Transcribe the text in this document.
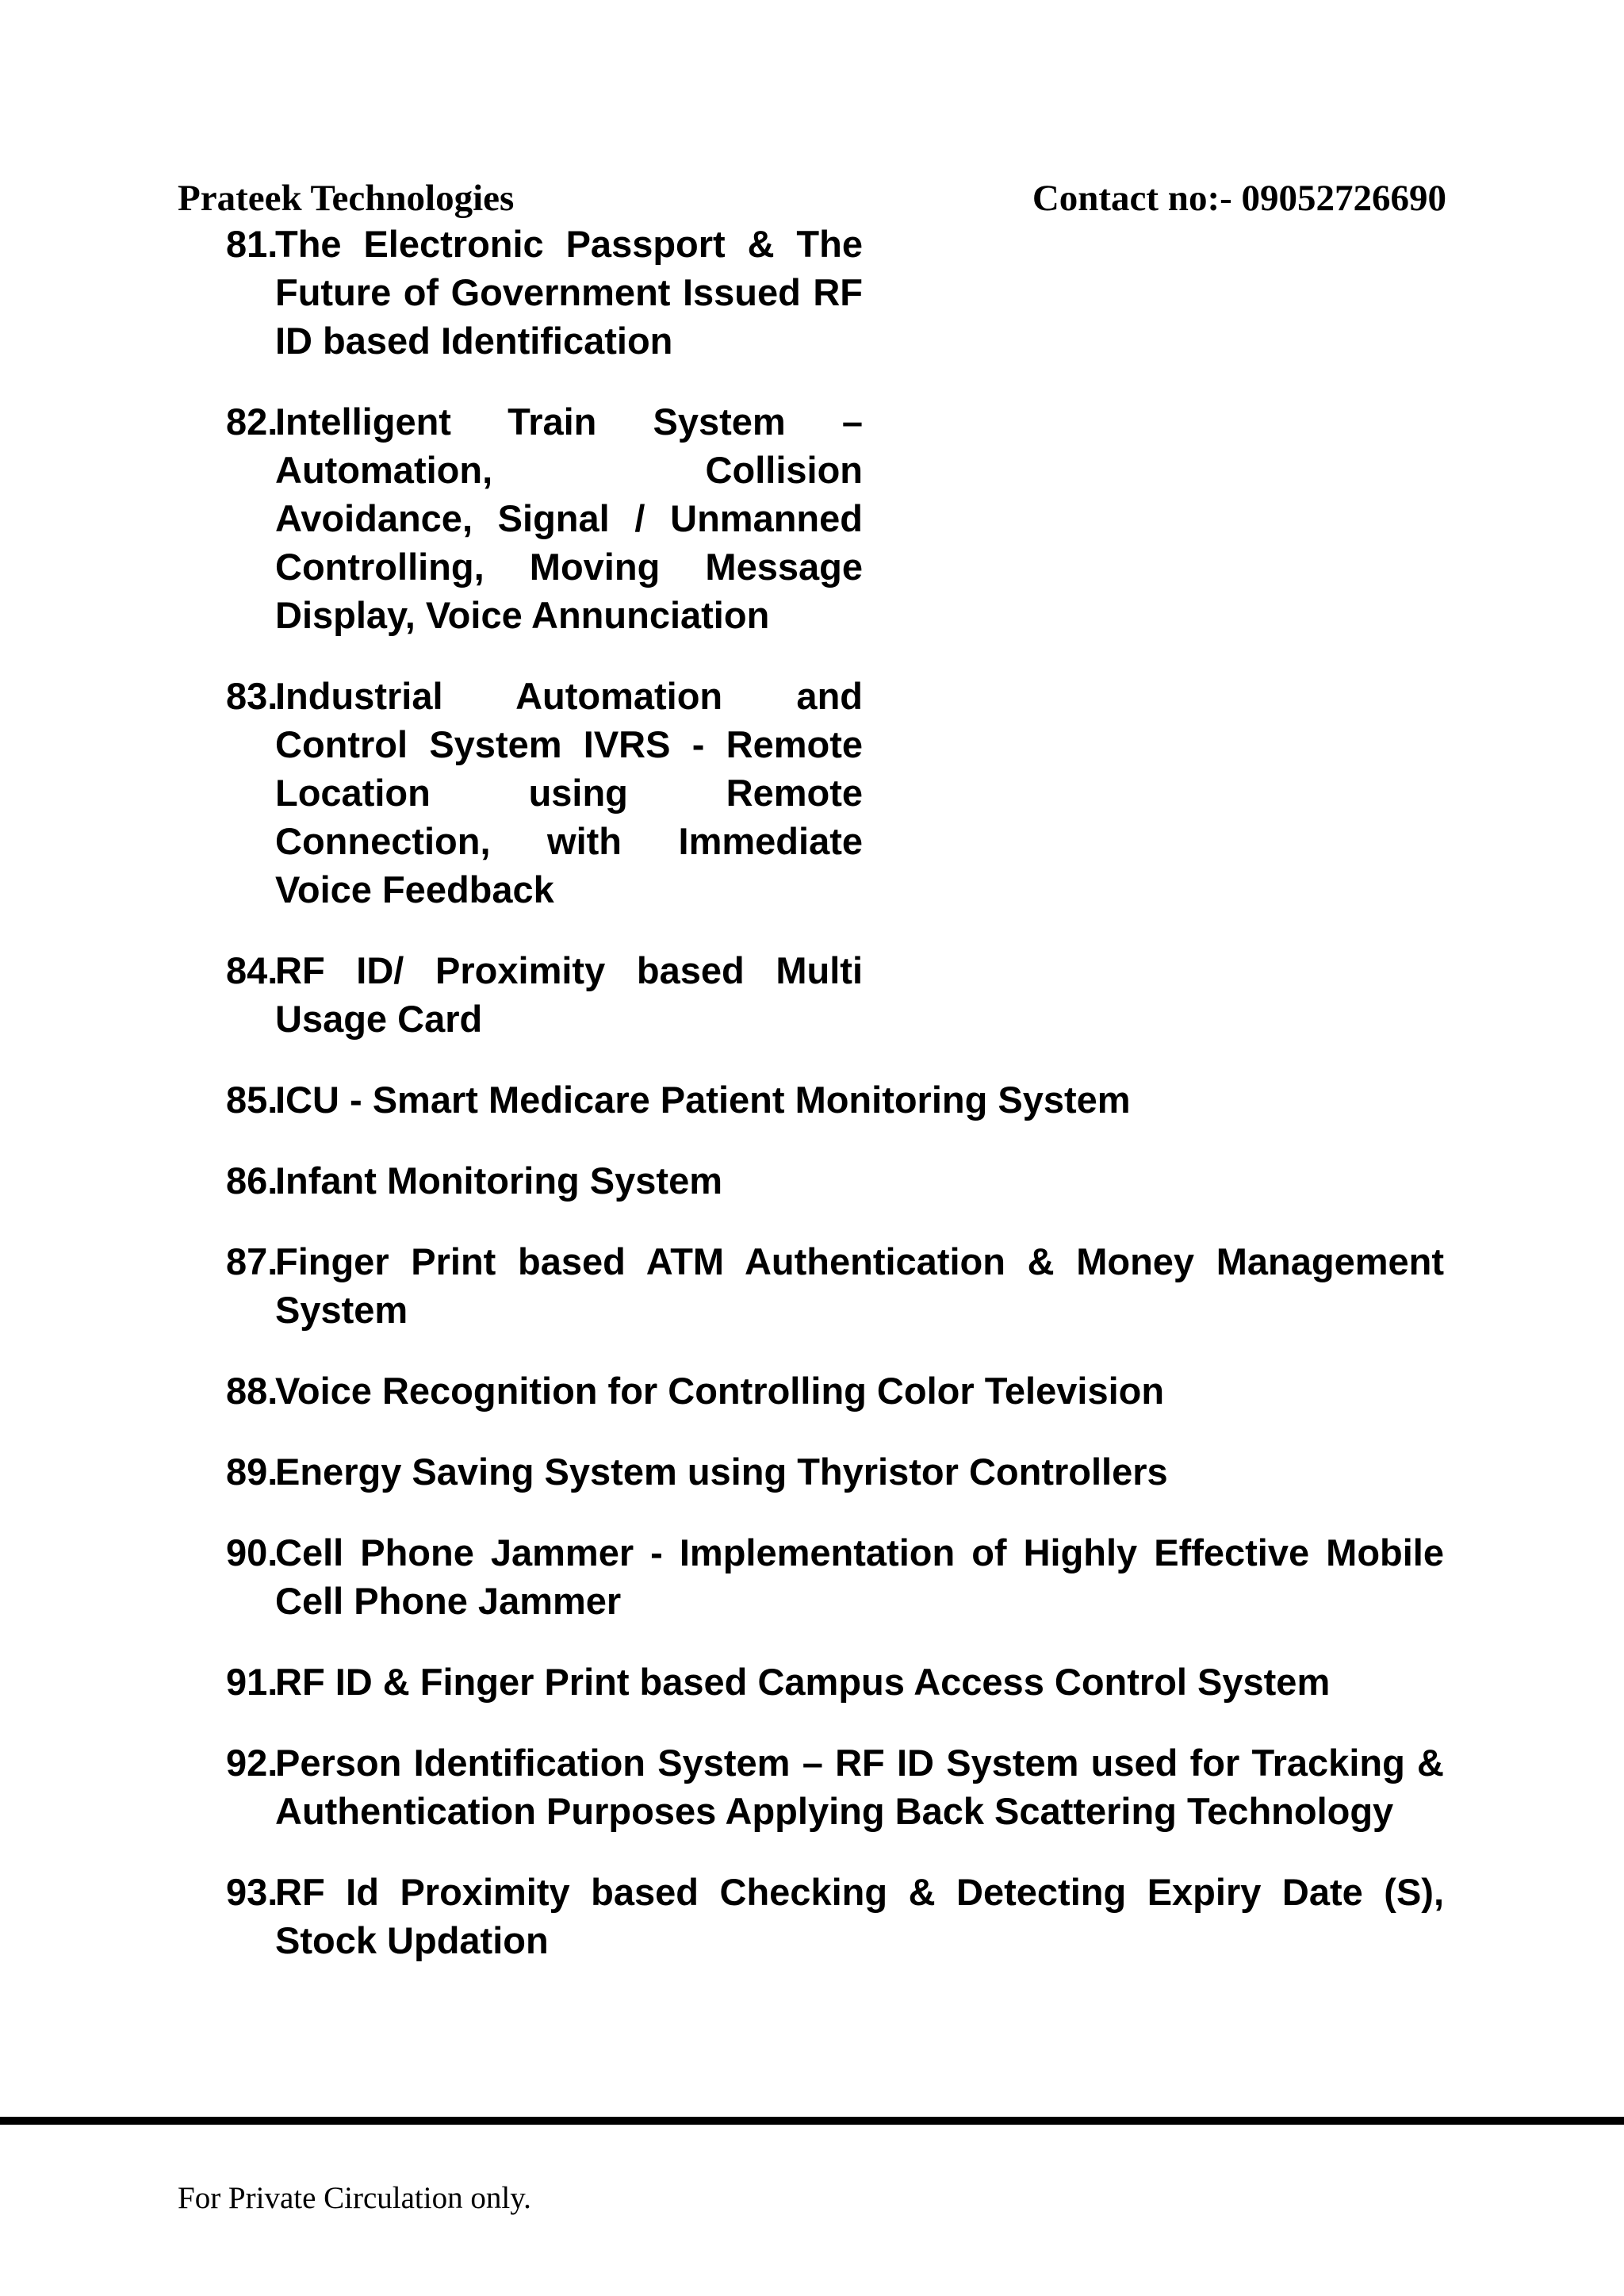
Prateek Technologies	Contact no:- 09052726690
81.
The Electronic Passport & The Future of Government Issued RF ID based Identification
82.
Intelligent Train System – Automation, Collision Avoidance, Signal / Unmanned Controlling, Moving Message Display, Voice Annunciation
83.
Industrial Automation and Control System IVRS - Remote Location using Remote Connection, with Immediate Voice Feedback
84.
RF ID/ Proximity based Multi Usage Card
85.
ICU - Smart Medicare Patient Monitoring System
86.
Infant Monitoring System
87.
Finger Print based ATM Authentication & Money Management System
88.
Voice Recognition for Controlling Color Television
89.
Energy Saving System using Thyristor Controllers
90.
Cell Phone Jammer - Implementation of Highly Effective Mobile Cell Phone Jammer
91.
RF ID & Finger Print based Campus Access Control System
92.
Person Identification System – RF ID System used for Tracking & Authentication Purposes Applying Back Scattering Technology
93.
RF Id Proximity based Checking & Detecting Expiry Date (S), Stock Updation
For Private Circulation only.
